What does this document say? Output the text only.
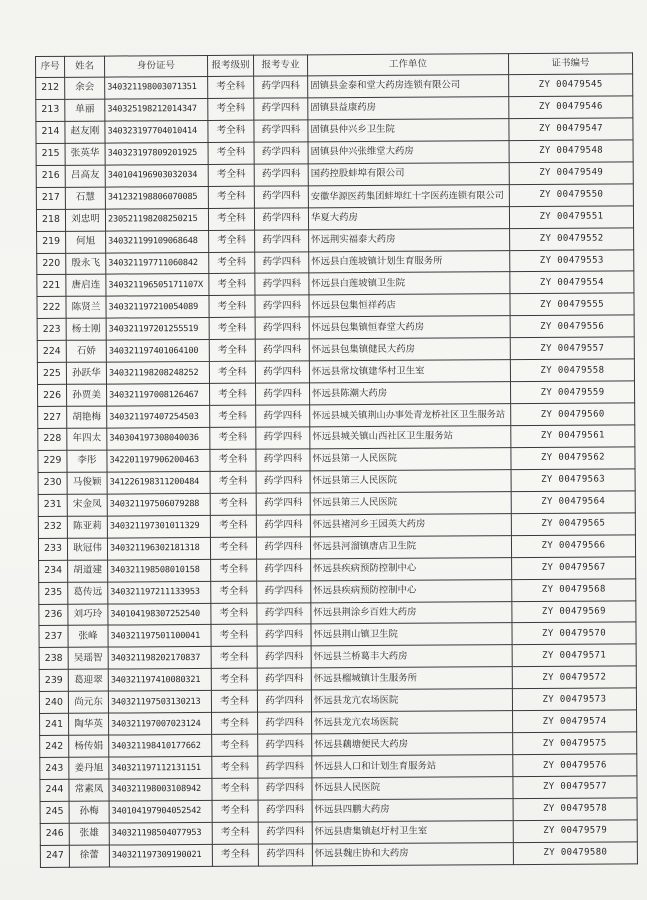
序号	姓名	身份证号	报考级别	报考专业	工作单位	证书编号
212	余会	340321198003071351	考全科	药学四科	固镇县金泰和堂大药房连锁有限公司	ZY 00479545
213	单丽	340325198212014347	考全科	药学四科	固镇县益康药房	ZY 00479546
214	赵友刚	340323197704010414	考全科	药学四科	固镇县仲兴乡卫生院	ZY 00479547
215	张英华	340323197809201925	考全科	药学四科	固镇县仲兴张维堂大药房	ZY 00479548
216	吕高友	340104196903032034	考全科	药学四科	国药控股蚌埠有限公司	ZY 00479549
217	石慧	341232198806070085	考全科	药学四科	安徽华源医药集团蚌埠红十字医药连锁有限公司	ZY 00479550
218	刘忠明	230521198208250215	考全科	药学四科	华夏大药房	ZY 00479551
219	何旭	340321199109068648	考全科	药学四科	怀远荆实福泰大药房	ZY 00479552
220	殷永飞	340321197711060842	考全科	药学四科	怀远县白莲坡镇计划生育服务所	ZY 00479553
221	唐启连	340321196505171107X	考全科	药学四科	怀远县白莲坡镇卫生院	ZY 00479554
222	陈贤兰	340321197210054089	考全科	药学四科	怀远县包集恒祥药店	ZY 00479555
223	杨士刚	340321197201255519	考全科	药学四科	怀远县包集镇恒春堂大药房	ZY 00479556
224	石娇	340321197401064100	考全科	药学四科	怀远县包集镇健民大药房	ZY 00479557
225	孙跃华	340321198208248252	考全科	药学四科	怀远县常坟镇建华村卫生室	ZY 00479558
226	孙贾美	340321197008126467	考全科	药学四科	怀远县陈潮大药房	ZY 00479559
227	胡艳梅	340321197407254503	考全科	药学四科	怀远县城关镇荆山办事处青龙桥社区卫生服务站	ZY 00479560
228	年四太	340304197308040036	考全科	药学四科	怀远县城关镇山西社区卫生服务站	ZY 00479561
229	李彤	342201197906200463	考全科	药学四科	怀远县第一人民医院	ZY 00479562
230	马俊颖	341226198311200484	考全科	药学四科	怀远县第三人民医院	ZY 00479563
231	宋金凤	340321197506079288	考全科	药学四科	怀远县第三人民医院	ZY 00479564
232	陈亚莉	340321197301011329	考全科	药学四科	怀远县褚河乡王园英大药房	ZY 00479565
233	耿冠伟	340321196302181318	考全科	药学四科	怀远县河溜镇唐店卫生院	ZY 00479566
234	胡道建	340321198508010158	考全科	药学四科	怀远县疾病预防控制中心	ZY 00479567
235	葛传远	340321197211133953	考全科	药学四科	怀远县疾病预防控制中心	ZY 00479568
236	刘巧玲	340104198307252540	考全科	药学四科	怀远县荆涂乡百姓大药房	ZY 00479569
237	张峰	340321197501100041	考全科	药学四科	怀远县荆山镇卫生院	ZY 00479570
238	吴瑶智	340321198202170837	考全科	药学四科	怀远县兰桥葛丰大药房	ZY 00479571
239	葛迎翠	340321197410080321	考全科	药学四科	怀远县榴城镇计生服务所	ZY 00479572
240	尚元东	340321197503130213	考全科	药学四科	怀远县龙亢农场医院	ZY 00479573
241	陶华英	340321197007023124	考全科	药学四科	怀远县龙亢农场医院	ZY 00479574
242	杨传娟	340321198410177662	考全科	药学四科	怀远县藕塘便民大药房	ZY 00479575
243	姜丹旭	340321197112131151	考全科	药学四科	怀远县人口和计划生育服务站	ZY 00479576
244	常素凤	340321198003108942	考全科	药学四科	怀远县人民医院	ZY 00479577
245	孙梅	340104197904052542	考全科	药学四科	怀远县四鹏大药房	ZY 00479578
246	张雄	340321198504077953	考全科	药学四科	怀远县唐集镇赵圩村卫生室	ZY 00479579
247	徐蕾	340321197309190021	考全科	药学四科	怀远县魏庄协和大药房	ZY 00479580
